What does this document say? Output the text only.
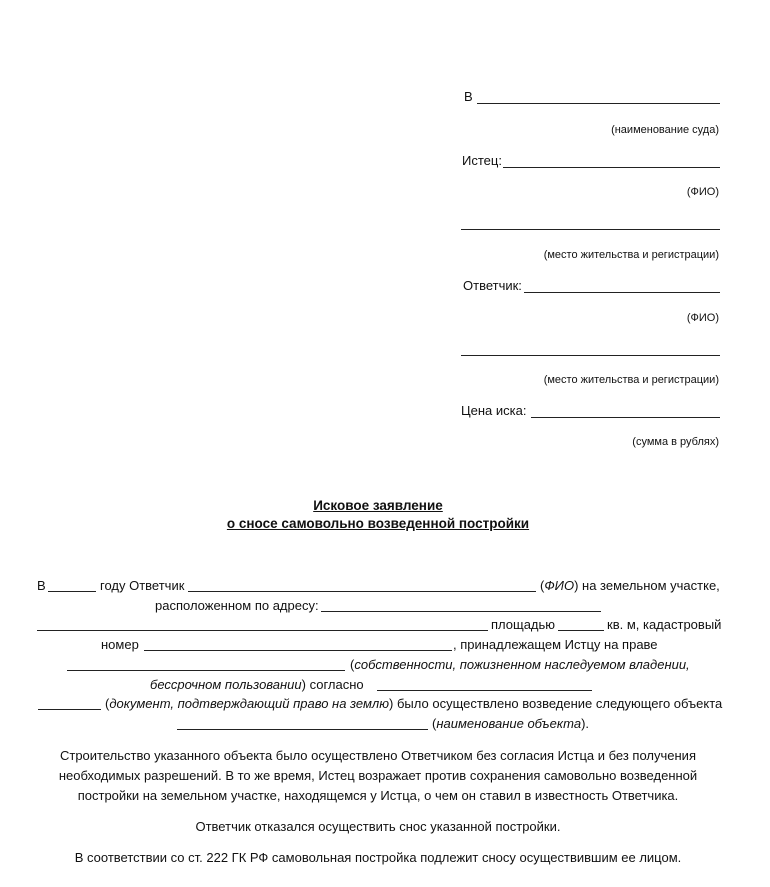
В
(наименование суда)
Истец:
(ФИО)
(место жительства и регистрации)
Ответчик:
(ФИО)
(место жительства и регистрации)
Цена иска:
(сумма в рублях)
Исковое заявление
о сносе самовольно возведенной постройки
В	году Ответчик	(ФИО) на земельном участке,
расположенном по адресу:
площадью	кв. м, кадастровый
номер	, принадлежащем Истцу на праве
(собственности, пожизненном наследуемом владении,
бессрочном пользовании) согласно
(документ, подтверждающий право на землю) было осуществлено возведение следующего объекта
(наименование объекта).
Строительство указанного объекта было осуществлено Ответчиком без согласия Истца и без получения
необходимых разрешений. В то же время, Истец возражает против сохранения самовольно возведенной
постройки на земельном участке, находящемся у Истца, о чем он ставил в известность Ответчика.
Ответчик отказался осуществить снос указанной постройки.
В соответствии со ст. 222 ГК РФ самовольная постройка подлежит сносу осуществившим ее лицом.
